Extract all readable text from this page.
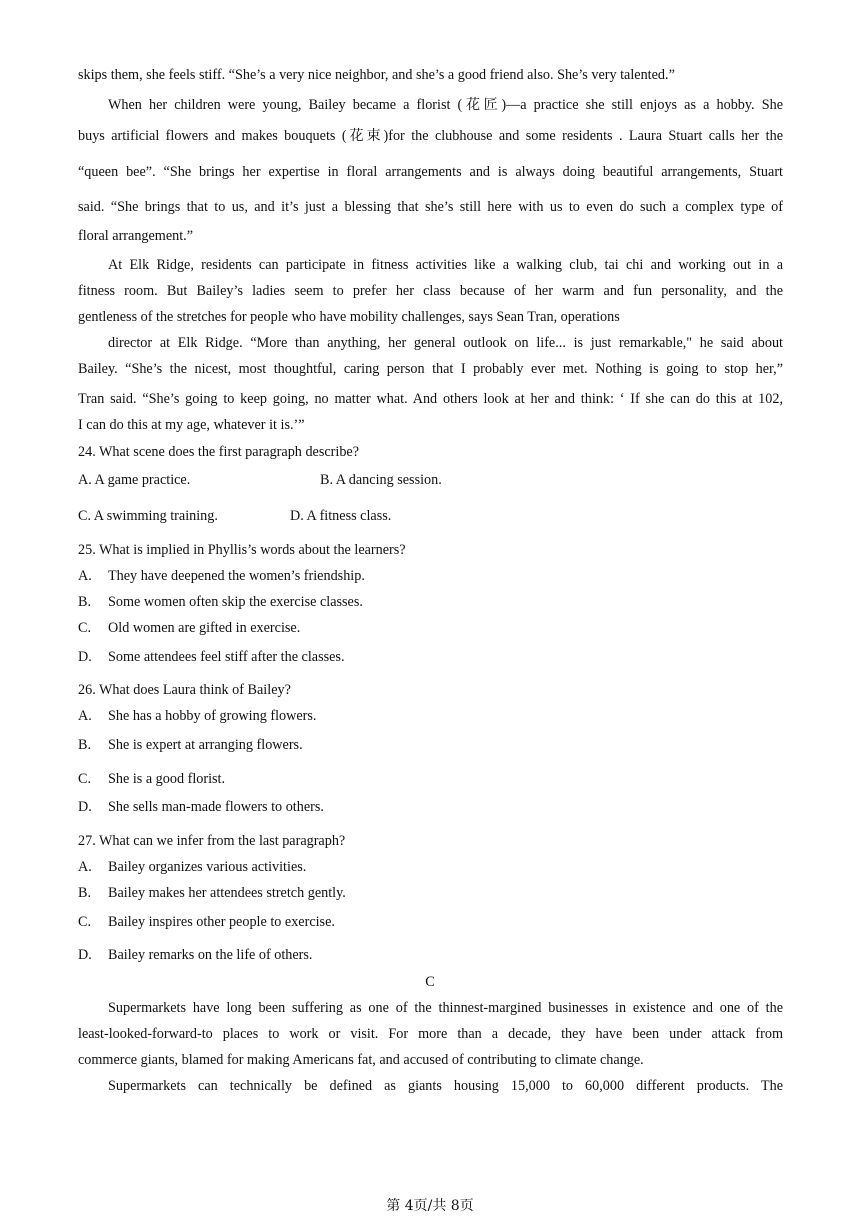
skips them, she feels stiff. “She’s a very nice neighbor, and she’s a good friend also. She’s very talented.”
When her children were young, Bailey became a florist (花匠)—a practice she still enjoys as a hobby. She
buys artificial flowers and makes bouquets (花束)for the clubhouse and some residents . Laura Stuart calls her the
“queen bee”. “She brings her expertise in floral arrangements and is always doing beautiful arrangements, Stuart
said. “She brings that to us, and it’s just a blessing that she’s still here with us to even do such a complex type of
floral arrangement.”
At Elk Ridge, residents can participate in fitness activities like a walking club, tai chi and working out in a
fitness room. But Bailey’s ladies seem to prefer her class because of her warm and fun personality, and the
gentleness of the stretches for people who have mobility challenges, says Sean Tran, operations
director at Elk Ridge. “More than anything, her general outlook on life... is just remarkable," he said about
Bailey. “She’s the nicest, most thoughtful, caring person that I probably ever met. Nothing is going to stop her,”
Tran said. “She’s going to keep going, no matter what. And others look at her and think: ‘ If she can do this at 102,
I can do this at my age, whatever it is.’”
24. What scene does the first paragraph describe?
A. A game practice.	B. A dancing session.
C. A swimming training.	D. A fitness class.
25. What is implied in Phyllis’s words about the learners?
A. They have deepened the women’s friendship.
B. Some women often skip the exercise classes.
C. Old women are gifted in exercise.
D. Some attendees feel stiff after the classes.
26. What does Laura think of Bailey?
A. She has a hobby of growing flowers.
B. She is expert at arranging flowers.
C. She is a good florist.
D. She sells man-made flowers to others.
27. What can we infer from the last paragraph?
A. Bailey organizes various activities.
B. Bailey makes her attendees stretch gently.
C. Bailey inspires other people to exercise.
D. Bailey remarks on the life of others.
C
Supermarkets have long been suffering as one of the thinnest-margined businesses in existence and one of the
least-looked-forward-to places to work or visit. For more than a decade, they have been under attack from
commerce giants, blamed for making Americans fat, and accused of contributing to climate change.
Supermarkets can technically be defined as giants housing 15,000 to 60,000 different products. The
第 4页/共 8页
